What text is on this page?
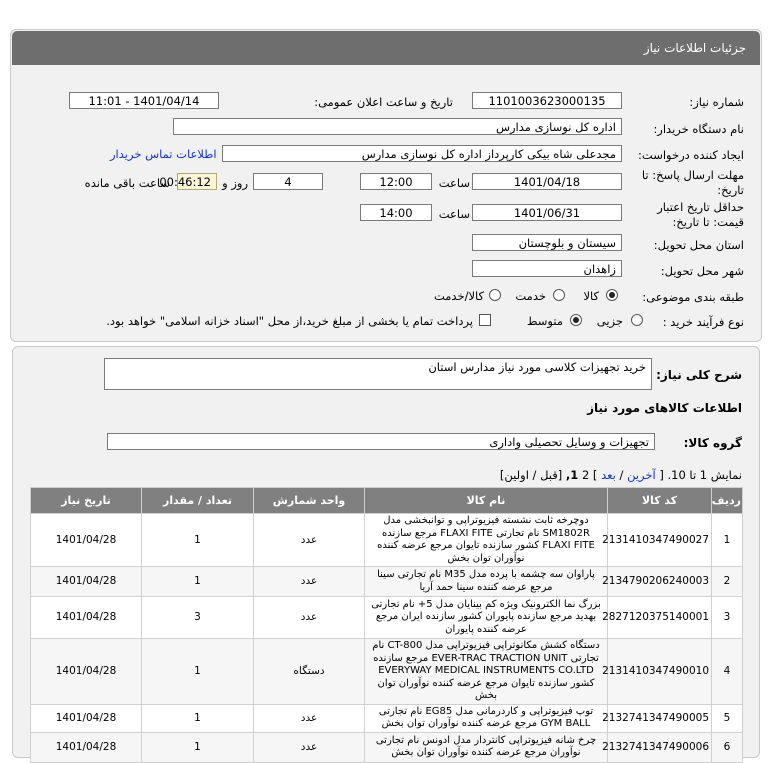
جزئیات اطلاعات نیاز
شماره نیاز:
1101003623000135
تاریخ و ساعت اعلان عمومی:
1401/04/14 - 11:01
نام دستگاه خریدار:
اداره کل نوسازی مدارس
ایجاد کننده درخواست:
مجدعلی شاه بیکی کارپرداز اداره کل نوسازی مدارس
اطلاعات تماس خریدار
مهلت ارسال پاسخ: تا
تاریخ:
1401/04/18
ساعت
12:00
4
روز و
00:46:12
ساعت باقی مانده
حداقل تاریخ اعتبار
قیمت: تا تاریخ:
1401/06/31
ساعت
14:00
استان محل تحویل:
سیستان و بلوچستان
شهر محل تحویل:
زاهدان
طبقه بندی موضوعی:
کالا
خدمت
کالا/خدمت
نوع فرآیند خرید :
جزیی
متوسط
پرداخت تمام یا بخشی از مبلغ خرید،از محل "اسناد خزانه اسلامی" خواهد بود.
شرح کلی نیاز:
خرید تجهیزات کلاسی مورد نیاز مدارس استان
اطلاعات کالاهای مورد نیاز
گروه کالا:
تجهیزات و وسایل تحصیلی واداری
نمایش 1 تا 10. [ آخرین / بعد ] 2 1, [قبل / اولین]
ردیف	کد کالا	نام کالا	واحد شمارش	تعداد / مقدار	تاریخ نیاز
1	2131410347490027	دوچرخه ثابت نشسته فیزیوتراپی و توانبخشی مدل SM1802R نام تجارتی FLAXI FITE مرجع سازنده FLAXI FITE کشور سازنده تایوان مرجع عرضه کننده نوآوران توان بخش	عدد	1	1401/04/28
2	2134790206240003	پاراوان سه چشمه با پرده مدل M35 نام تجارتی سینا مرجع عرضه کننده سینا حمد آریا	عدد	1	1401/04/28
3	2827120375140001	بزرگ نما الکترونیک ویژه کم بینایان مدل 5+ نام تجارتی بهدید مرجع سازنده پایوران کشور سازنده ایران مرجع عرضه کننده پایوران	عدد	3	1401/04/28
4	2131410347490010	دستگاه کشش مکانوتراپی فیزیوتراپی مدل CT-800 نام تجارتی EVER-TRAC TRACTION UNIT مرجع سازنده EVERYWAY MEDICAL INSTRUMENTS CO.LTD کشور سازنده تایوان مرجع عرضه کننده نوآوران توان بخش	دستگاه	1	1401/04/28
5	2132741347490005	توپ فیزیوتراپی و کاردرمانی مدل EG85 نام تجارتی GYM BALL مرجع عرضه کننده نوآوران توان بخش	عدد	1	1401/04/28
6	2132741347490006	چرخ شانه فیزیوتراپی کانتردار مدل ادونس نام تجارتی نوآوران مرجع عرضه کننده نوآوران توان بخش	عدد	1	1401/04/28
